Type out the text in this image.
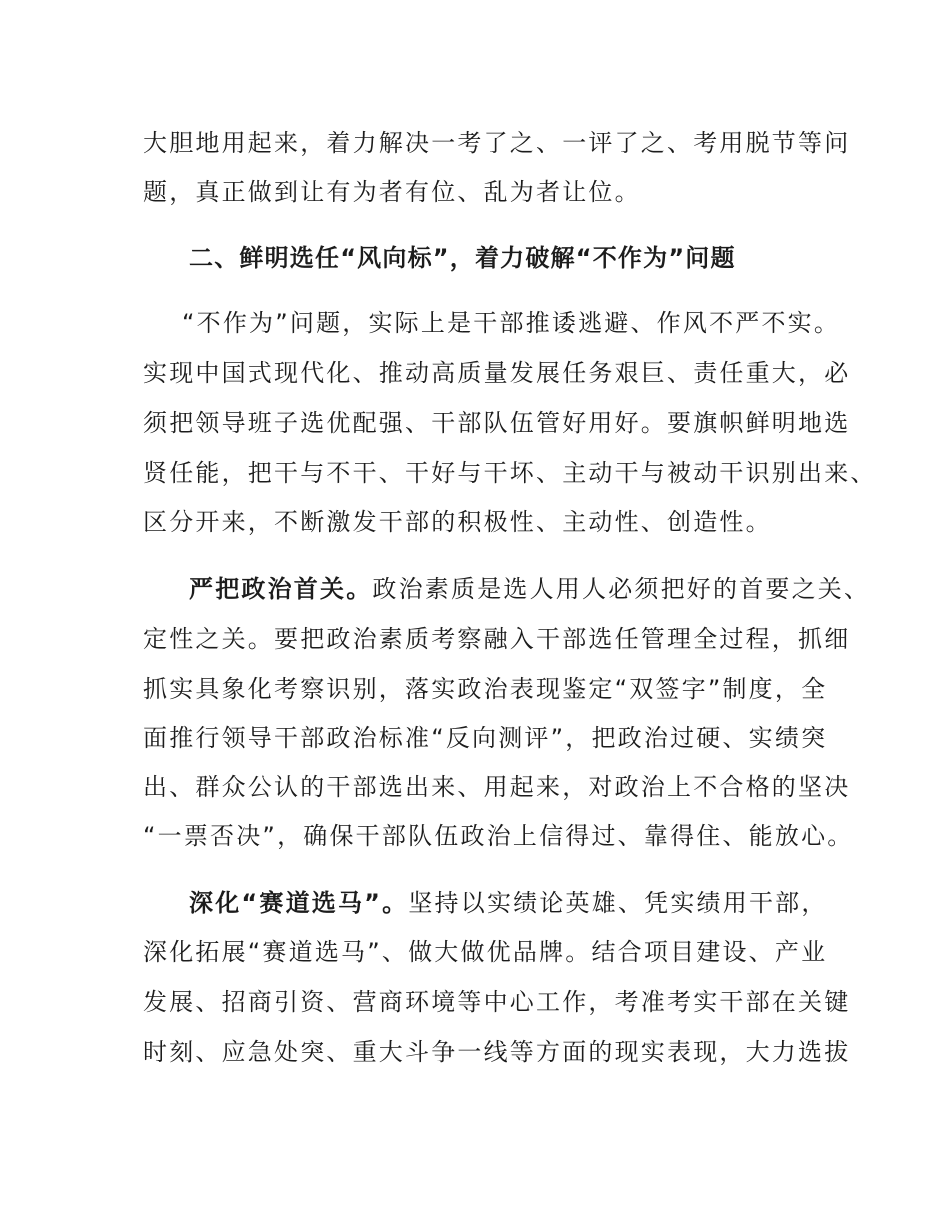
大胆地用起来，着力解决一考了之、一评了之、考用脱节等问
题，真正做到让有为者有位、乱为者让位。
二、鲜明选任“风向标”，着力破解“不作为”问题
“不作为”问题，实际上是干部推诿逃避、作风不严不实。
实现中国式现代化、推动高质量发展任务艰巨、责任重大，必
须把领导班子选优配强、干部队伍管好用好。要旗帜鲜明地选
贤任能，把干与不干、干好与干坏、主动干与被动干识别出来、
区分开来，不断激发干部的积极性、主动性、创造性。
严把政治首关。政治素质是选人用人必须把好的首要之关、
定性之关。要把政治素质考察融入干部选任管理全过程，抓细
抓实具象化考察识别，落实政治表现鉴定“双签字”制度，全
面推行领导干部政治标准“反向测评”，把政治过硬、实绩突
出、群众公认的干部选出来、用起来，对政治上不合格的坚决
“一票否决”，确保干部队伍政治上信得过、靠得住、能放心。
深化“赛道选马”。坚持以实绩论英雄、凭实绩用干部，
深化拓展“赛道选马”、做大做优品牌。结合项目建设、产业
发展、招商引资、营商环境等中心工作，考准考实干部在关键
时刻、应急处突、重大斗争一线等方面的现实表现，大力选拔
